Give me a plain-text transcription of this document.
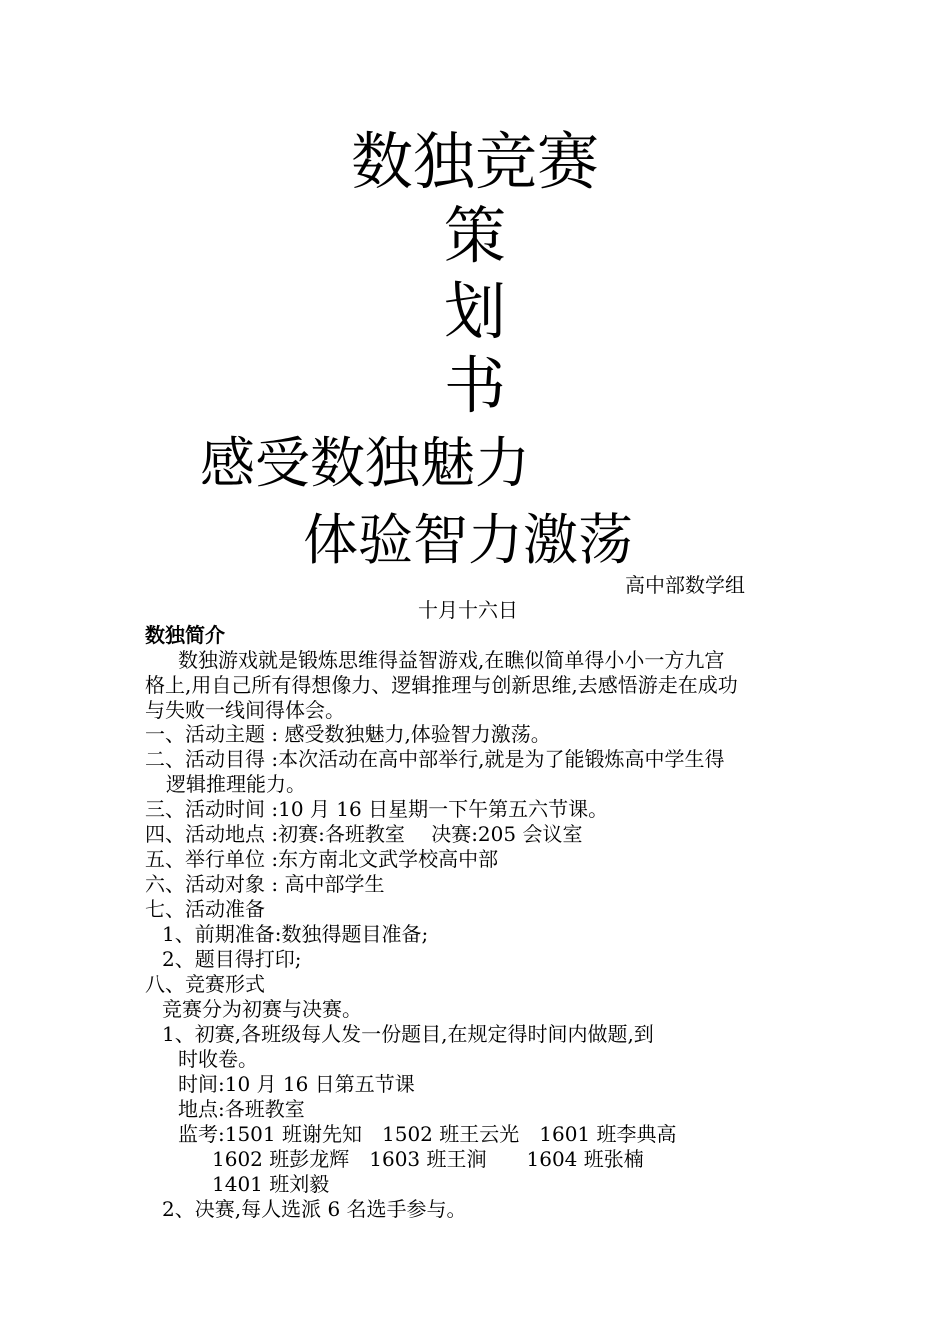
数独竞赛
策
划
书
感受数独魅力
体验智力激荡
高中部数学组
十月十六日
数独简介
数独游戏就是锻炼思维得益智游戏,在瞧似简单得小小一方九宫
格上,用自己所有得想像力、逻辑推理与创新思维,去感悟游走在成功
与失败一线间得体会。
一、活动主题 : 感受数独魅力,体验智力激荡。
二、活动目得 :本次活动在高中部举行,就是为了能锻炼高中学生得
逻辑推理能力。
三、活动时间 :10 月 16 日星期一下午第五六节课。
四、活动地点 :初赛:各班教室　 决赛:205 会议室
五、举行单位 :东方南北文武学校高中部
六、活动对象 : 高中部学生
七、活动准备
1、前期准备:数独得题目准备;
2、题目得打印;
八、竞赛形式
竞赛分为初赛与决赛。
1、初赛,各班级每人发一份题目,在规定得时间内做题,到
时收卷。
时间:10 月 16 日第五节课
地点:各班教室
监考:1501 班谢先知　1502 班王云光　1601 班李典高
1602 班彭龙辉　1603 班王涧　　1604 班张楠
1401 班刘毅
2、决赛,每人选派 6 名选手参与。
